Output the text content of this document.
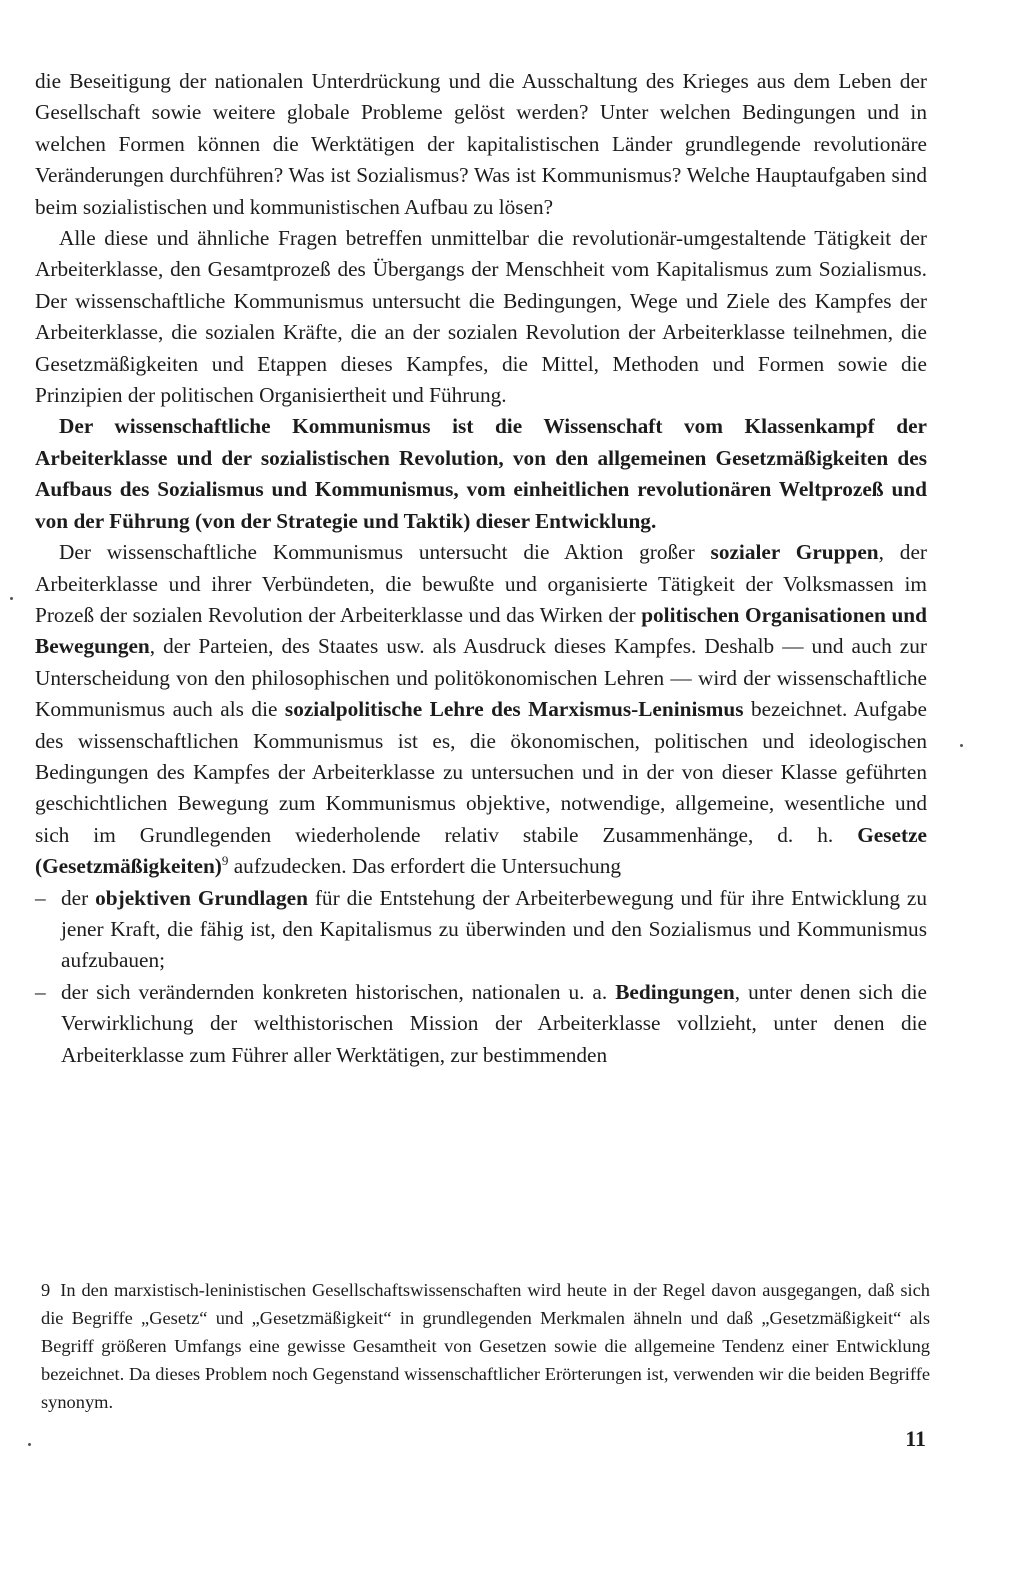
die Beseitigung der nationalen Unterdrückung und die Ausschaltung des Krieges aus dem Leben der Gesellschaft sowie weitere globale Probleme gelöst werden? Unter welchen Bedingungen und in welchen Formen können die Werktätigen der kapitalistischen Länder grundlegende revolutionäre Veränderungen durchführen? Was ist Sozialismus? Was ist Kommunismus? Welche Hauptaufgaben sind beim sozialistischen und kommunistischen Aufbau zu lösen?

Alle diese und ähnliche Fragen betreffen unmittelbar die revolutionär-umgestaltende Tätigkeit der Arbeiterklasse, den Gesamtprozeß des Übergangs der Menschheit vom Kapitalismus zum Sozialismus. Der wissenschaftliche Kommunismus untersucht die Bedingungen, Wege und Ziele des Kampfes der Arbeiterklasse, die sozialen Kräfte, die an der sozialen Revolution der Arbeiterklasse teilnehmen, die Gesetzmäßigkeiten und Etappen dieses Kampfes, die Mittel, Methoden und Formen sowie die Prinzipien der politischen Organisiertheit und Führung.

Der wissenschaftliche Kommunismus ist die Wissenschaft vom Klassenkampf der Arbeiterklasse und der sozialistischen Revolution, von den allgemeinen Gesetzmäßigkeiten des Aufbaus des Sozialismus und Kommunismus, vom einheitlichen revolutionären Weltprozeß und von der Führung (von der Strategie und Taktik) dieser Entwicklung.

Der wissenschaftliche Kommunismus untersucht die Aktion großer sozialer Gruppen, der Arbeiterklasse und ihrer Verbündeten, die bewußte und organisierte Tätigkeit der Volksmassen im Prozeß der sozialen Revolution der Arbeiterklasse und das Wirken der politischen Organisationen und Bewegungen, der Parteien, des Staates usw. als Ausdruck dieses Kampfes. Deshalb — und auch zur Unterscheidung von den philosophischen und politökonomischen Lehren — wird der wissenschaftliche Kommunismus auch als die sozialpolitische Lehre des Marxismus-Leninismus bezeichnet. Aufgabe des wissenschaftlichen Kommunismus ist es, die ökonomischen, politischen und ideologischen Bedingungen des Kampfes der Arbeiterklasse zu untersuchen und in der von dieser Klasse geführten geschichtlichen Bewegung zum Kommunismus objektive, notwendige, allgemeine, wesentliche und sich im Grundlegenden wiederholende relativ stabile Zusammenhänge, d. h. Gesetze (Gesetzmäßigkeiten)$^9$ aufzudecken. Das erfordert die Untersuchung

– der objektiven Grundlagen für die Entstehung der Arbeiterbewegung und für ihre Entwicklung zu jener Kraft, die fähig ist, den Kapitalismus zu überwinden und den Sozialismus und Kommunismus aufzubauen;
– der sich verändernden konkreten historischen, nationalen u. a. Bedingungen, unter denen sich die Verwirklichung der welthistorischen Mission der Arbeiterklasse vollzieht, unter denen die Arbeiterklasse zum Führer aller Werktätigen, zur bestimmenden
9 In den marxistisch-leninistischen Gesellschaftswissenschaften wird heute in der Regel davon ausgegangen, daß sich die Begriffe „Gesetz“ und „Gesetzmäßigkeit“ in grundlegenden Merkmalen ähneln und daß „Gesetzmäßigkeit“ als Begriff größeren Umfangs eine gewisse Gesamtheit von Gesetzen sowie die allgemeine Tendenz einer Entwicklung bezeichnet. Da dieses Problem noch Gegenstand wissenschaftlicher Erörterungen ist, verwenden wir die beiden Begriffe synonym.
11
